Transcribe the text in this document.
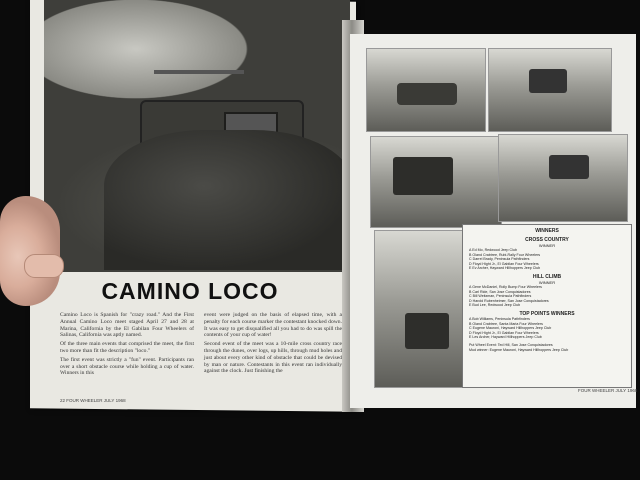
CAMINO LOCO

Camino Loco is Spanish for "crazy road." And the First Annual Camino Loco meet staged April 27 and 28 at Marina, California by the El Gabilan Four Wheelers of Salinas, California was aptly named.

Of the three main events that comprised the meet, the first two more than fit the description "loco."

The first event was strictly a "fun" event. Participants ran over a short obstacle course while holding a cup of water. Winners in this

event were judged on the basis of elapsed time, with a penalty for each course marker the contestant knocked down. It was easy to get disqualified all you had to do was spill the contents of your cup of water!

Second event of the meet was a 10-mile cross country race through the dunes, over logs, up hills, through mud holes and just about every other kind of obstacle that could be devised by man or nature. Contestants in this event ran individually against the clock. Just finishing the

22 FOUR WHEELER JULY 1968
WINNERS
CROSS COUNTRY
WINNER
A Ed Mo, Redwood Jeep Club
B Oland Crabtree, Rubi-Rally Four Wheelers
C Darrel Brady, Peninsula Pathfinders
D Floyd Hight Jr., El Gabilan Four Wheelers
E Ev Archer, Hayward Hillhoppers Jeep Club
HILL CLIMB
WINNER
A Gene McDaniel, Rolly Bump Four Wheelers
B Carl Ride, San Jose Conquistadores
C Bill Weitzman, Peninsula Pathfinders
D Harold Rubenheimer, San Jose Conquistadores
E Bud Lee, Redwood Jeep Club
TOP POINTS WINNERS
A Bob Williams, Peninsula Pathfinders
B Oland Crabtree, Santa Maria Four Wheelers
C Eugene Mauroni, Hayward Hillhoppers Jeep Club
D Floyd Hight Jr., El Gabilan Four Wheelers
E Les Archer, Hayward Hillhoppers Jeep Club
Put Wheel Event: Ted Hill, San Jose Conquistadores
Mud winner: Eugene Mauroni, Hayward Hillhoppers Jeep Club
FOUR WHEELER JULY 1968
